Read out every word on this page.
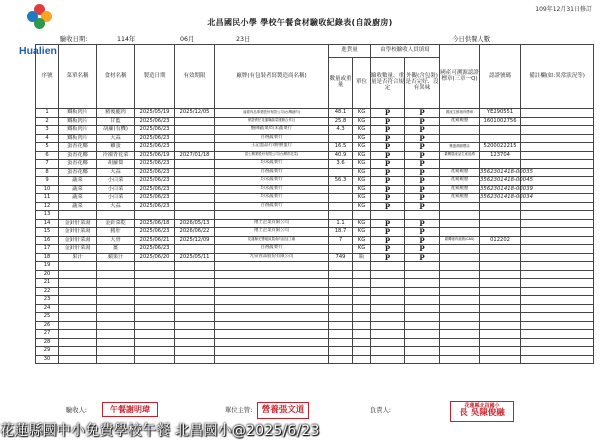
Hualien
北昌國民小學 學校午餐食材驗收紀錄表(自設廚房)
109年12月31日修訂
驗收日期:	114年	06月	23日	今日供餐人數
序號	菜單名稱	食材名稱	製造日期	有效期限	廠牌(有包裝者寫製造商名稱)	進貨量		由學校驗收人員填寫		國產可溯源認證標章(三章一Q)	認證號碼	備註欄(如:異常狀況等)
						數量或重量	單位	驗收數量、重量是否符合規定	外觀(含包裝)是否完好、沒有異味			
1	鐵板肉片	豬後腿肉	2025/05/19	2025/12/05	福德肉品專業股份有限公司(台灣豬肉)	48.1	KG	P	P	國產生鮮豬肉標章	YE290551	
2	鐵板肉片	甘藍	2025/06/23		保證責任花蓮縣蔬菜運銷合作社	25.8	KG	P	P	產銷履歷	1601002756	
3	鐵板肉片	胡蘿(有機)	2025/06/23		酪陳蔬菜/均禾蔬菜行	4.3	KG	P	P			
4	鐵板肉片	大蒜	2025/06/23		百禧蔬菜行		KG	P	P			
5	蛋香花椰	雞蛋	2025/06/23		王記蛋品行/勝勝蛋行	16.5	KG	P	P	雞蛋溯源標誌	5200022215	
6	蛋香花椰	冷凍青花菜	2025/06/19	2027/01/18	富士興業股份有限公司(台灣青花菜)	40.9	KG	P	P	臺灣農產品生產追溯	123704	
7	蛋香花椰	胡蘿蔔	2025/06/23		均禾蔬菜行	3.6	KG	P	P			
8	蛋香花椰	大蒜	2025/06/23		百禧蔬菜行		KG	P	P	產銷履歷	3562301418-00035	
9	蔬菜	小白菜	2025/06/23		均禾蔬菜行	56.3	KG	P	P	產銷履歷	3562301418-00045	
10	蔬菜	小白菜	2025/06/23		均禾蔬菜行		KG	P	P	產銷履歷	3562301418-00039	
11	蔬菜	小白菜	2025/06/23		均禾蔬菜行		KG	P	P	產銷履歷	3562301418-00034	
12	蔬菜	大蒜	2025/06/23		百禧蔬菜行		KG	P	P			
13												
14	金針肝菜湯	金針菜乾	2025/06/18	2026/05/13	翔土企業有限公司	1.1	KG	P	P			
15	金針肝菜湯	豬肝	2025/06/23	2026/06/22	翔土企業有限公司	18.7	KG	P	P			
16	金針肝菜湯	大骨	2025/06/21	2025/12/09	花蓮縣光豐地區農會肉品加工廠	7	KG	P	P	臺灣豬肉產銷(CAS)	012202	
17	金針肝菜湯	薑	2025/06/23		百禧蔬菜行		KG	P	P			
18	果汁	蘋果汁	2025/06/20	2025/05/11	光泉食品股份有限公司	749	瓶	P	P			
19												
20												
21												
22												
23												
24												
25												
26												
27												
28												
29												
30												
驗收人:	午餐謝明瑋	單位主管:	營養張文道	負責人:
花蓮縣北昌國小
長 吳陳俊融
花蓮縣國中小免費學校午餐 北昌國小@2025/6/23
